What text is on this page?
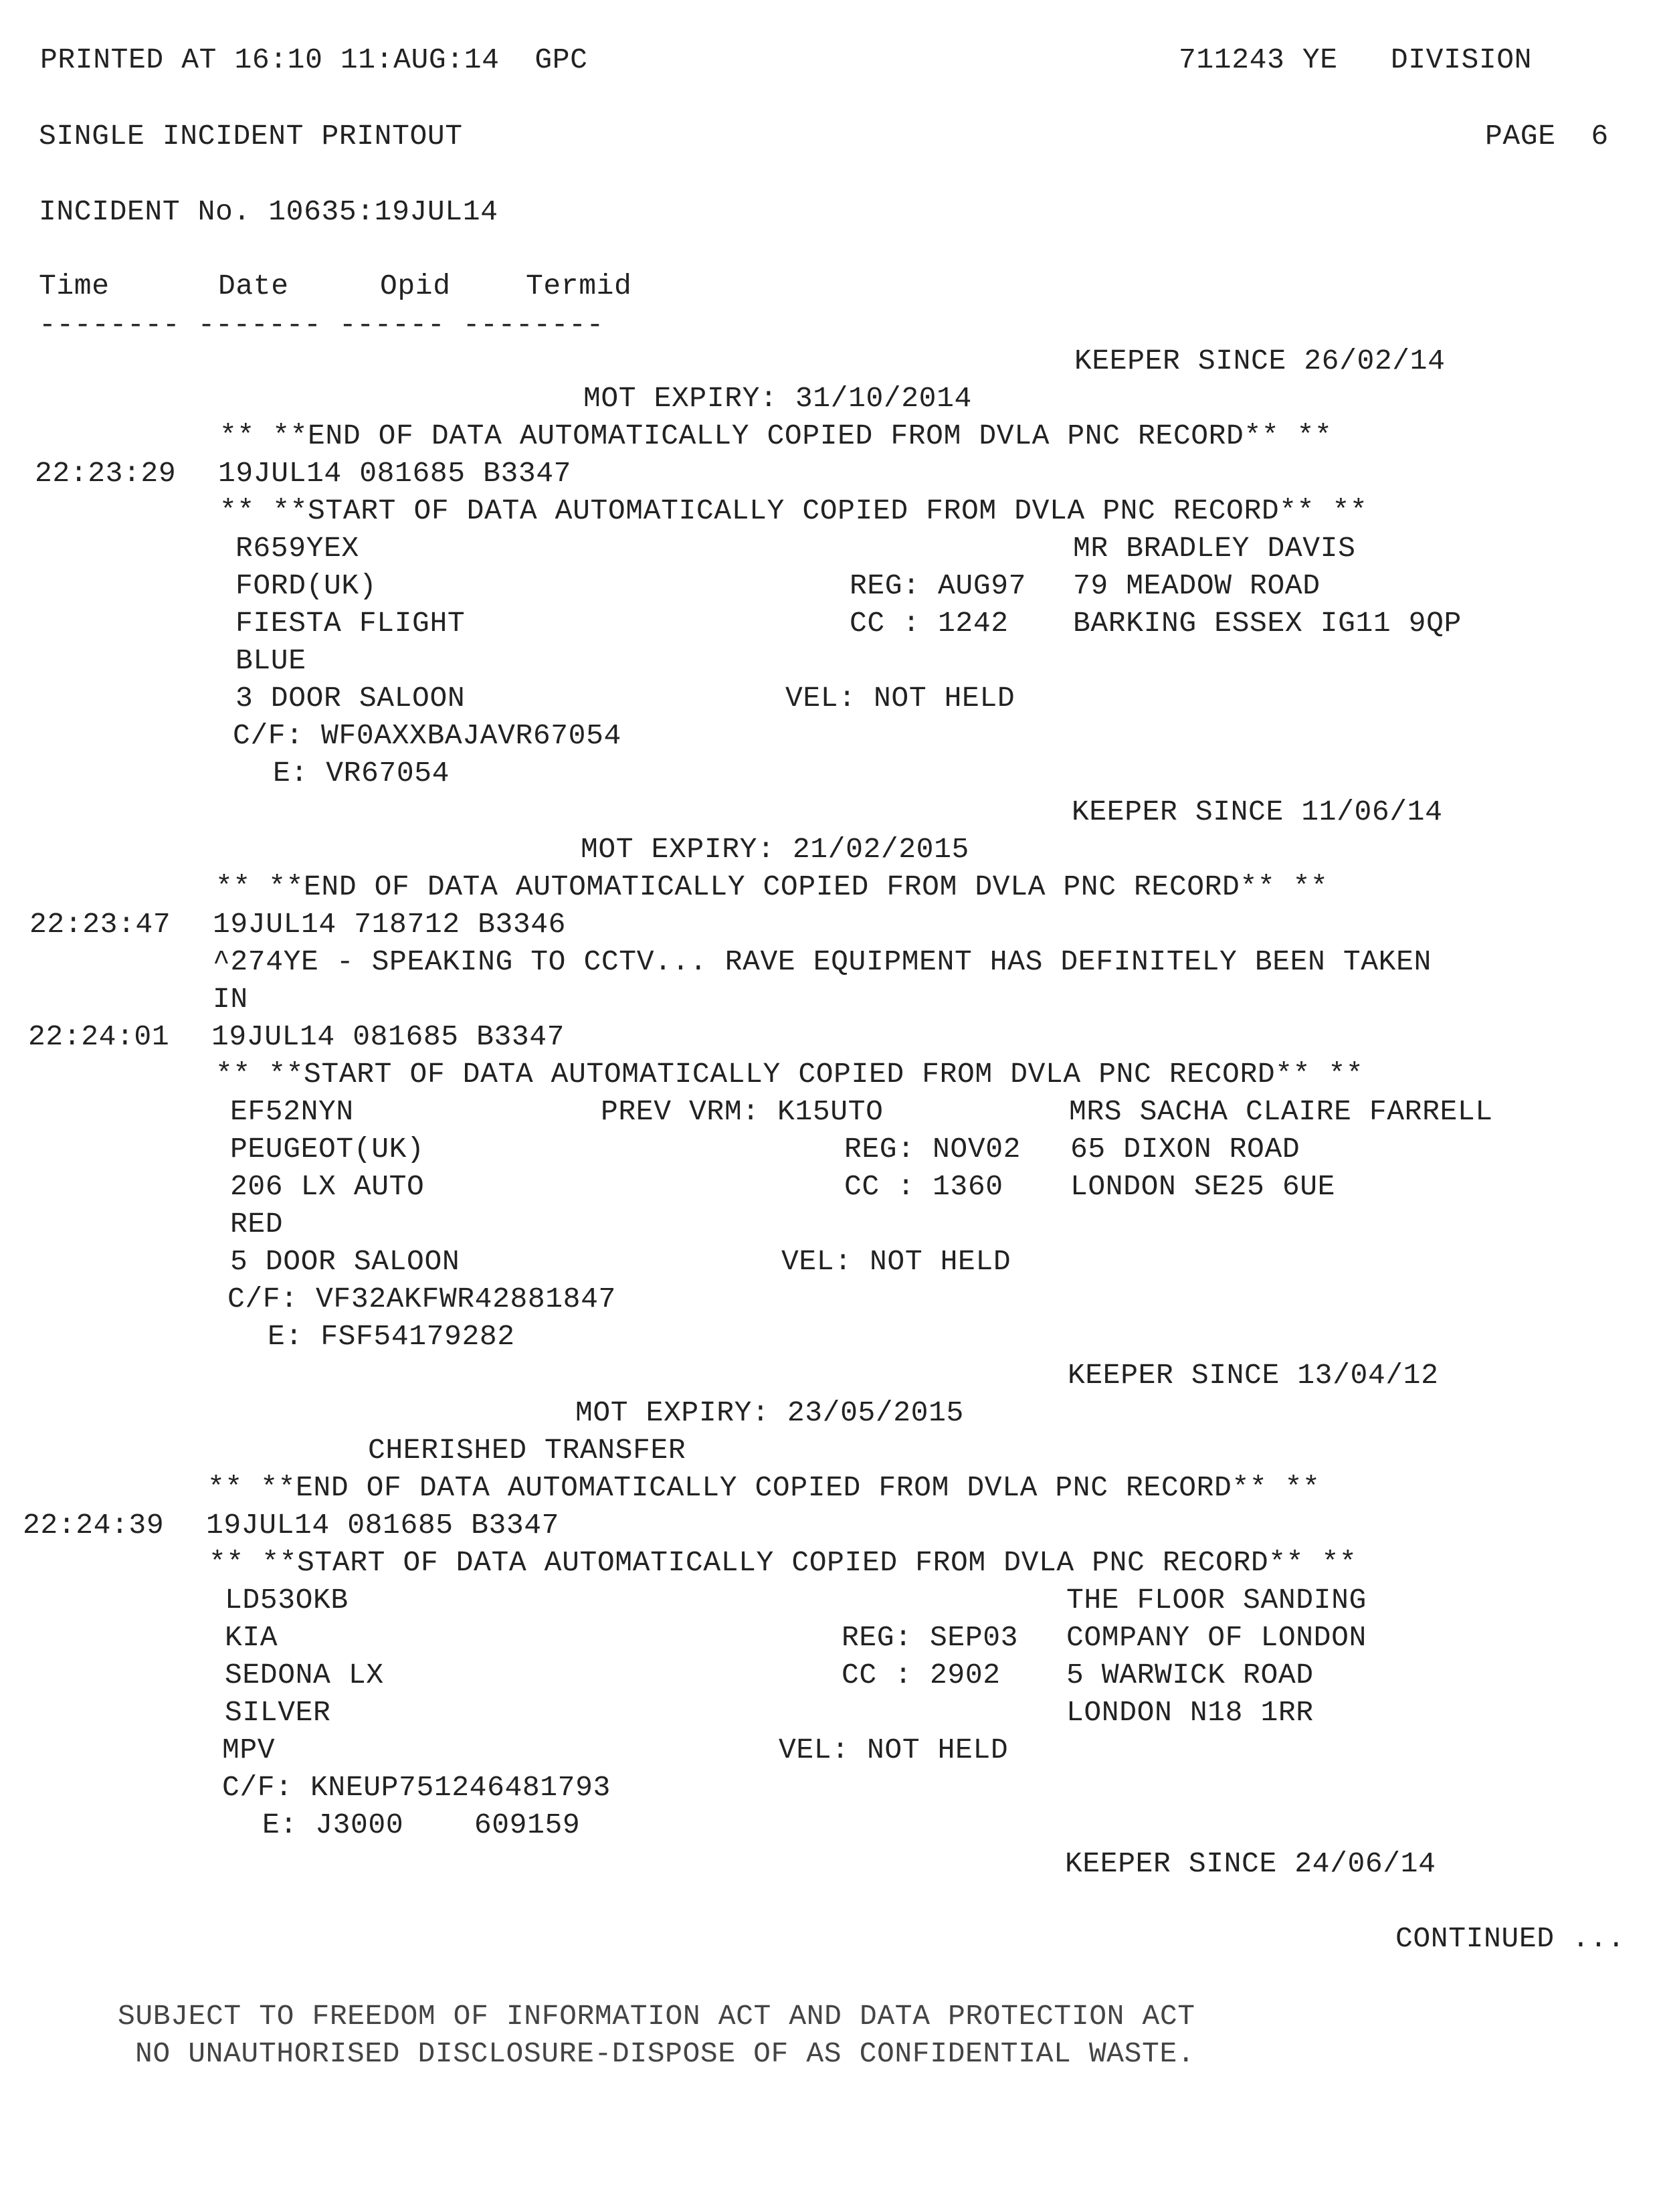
PRINTED AT 16:10 11:AUG:14  GPC	711243 YE   DIVISION
SINGLE INCIDENT PRINTOUT	PAGE  6
INCIDENT No. 10635:19JUL14
Time	Date	Opid	Termid
-------- ------- ------ --------
KEEPER SINCE 26/02/14
MOT EXPIRY: 31/10/2014
** **END OF DATA AUTOMATICALLY COPIED FROM DVLA PNC RECORD** **
22:23:29 19JUL14 081685 B3347
** **START OF DATA AUTOMATICALLY COPIED FROM DVLA PNC RECORD** **
R659YEX	MR BRADLEY DAVIS
FORD(UK)	REG: AUG97 79 MEADOW ROAD
FIESTA FLIGHT	CC : 1242 BARKING ESSEX IG11 9QP
BLUE
3 DOOR SALOON	VEL: NOT HELD
C/F: WF0AXXBAJAVR67054
E: VR67054
KEEPER SINCE 11/06/14
MOT EXPIRY: 21/02/2015
** **END OF DATA AUTOMATICALLY COPIED FROM DVLA PNC RECORD** **
22:23:47 19JUL14 718712 B3346
^274YE - SPEAKING TO CCTV... RAVE EQUIPMENT HAS DEFINITELY BEEN TAKEN
IN
22:24:01 19JUL14 081685 B3347
** **START OF DATA AUTOMATICALLY COPIED FROM DVLA PNC RECORD** **
EF52NYN	PREV VRM: K15UTO	MRS SACHA CLAIRE FARRELL
PEUGEOT(UK)	REG: NOV02 65 DIXON ROAD
206 LX AUTO	CC : 1360 LONDON SE25 6UE
RED
5 DOOR SALOON	VEL: NOT HELD
C/F: VF32AKFWR42881847
E: FSF54179282
KEEPER SINCE 13/04/12
MOT EXPIRY: 23/05/2015
CHERISHED TRANSFER
** **END OF DATA AUTOMATICALLY COPIED FROM DVLA PNC RECORD** **
22:24:39 19JUL14 081685 B3347
** **START OF DATA AUTOMATICALLY COPIED FROM DVLA PNC RECORD** **
LD53OKB	THE FLOOR SANDING
KIA	REG: SEP03 COMPANY OF LONDON
SEDONA LX	CC : 2902 5 WARWICK ROAD
SILVER	LONDON N18 1RR
MPV	VEL: NOT HELD
C/F: KNEUP751246481793
E: J3000    609159
KEEPER SINCE 24/06/14
CONTINUED ...
SUBJECT TO FREEDOM OF INFORMATION ACT AND DATA PROTECTION ACT
NO UNAUTHORISED DISCLOSURE-DISPOSE OF AS CONFIDENTIAL WASTE.
